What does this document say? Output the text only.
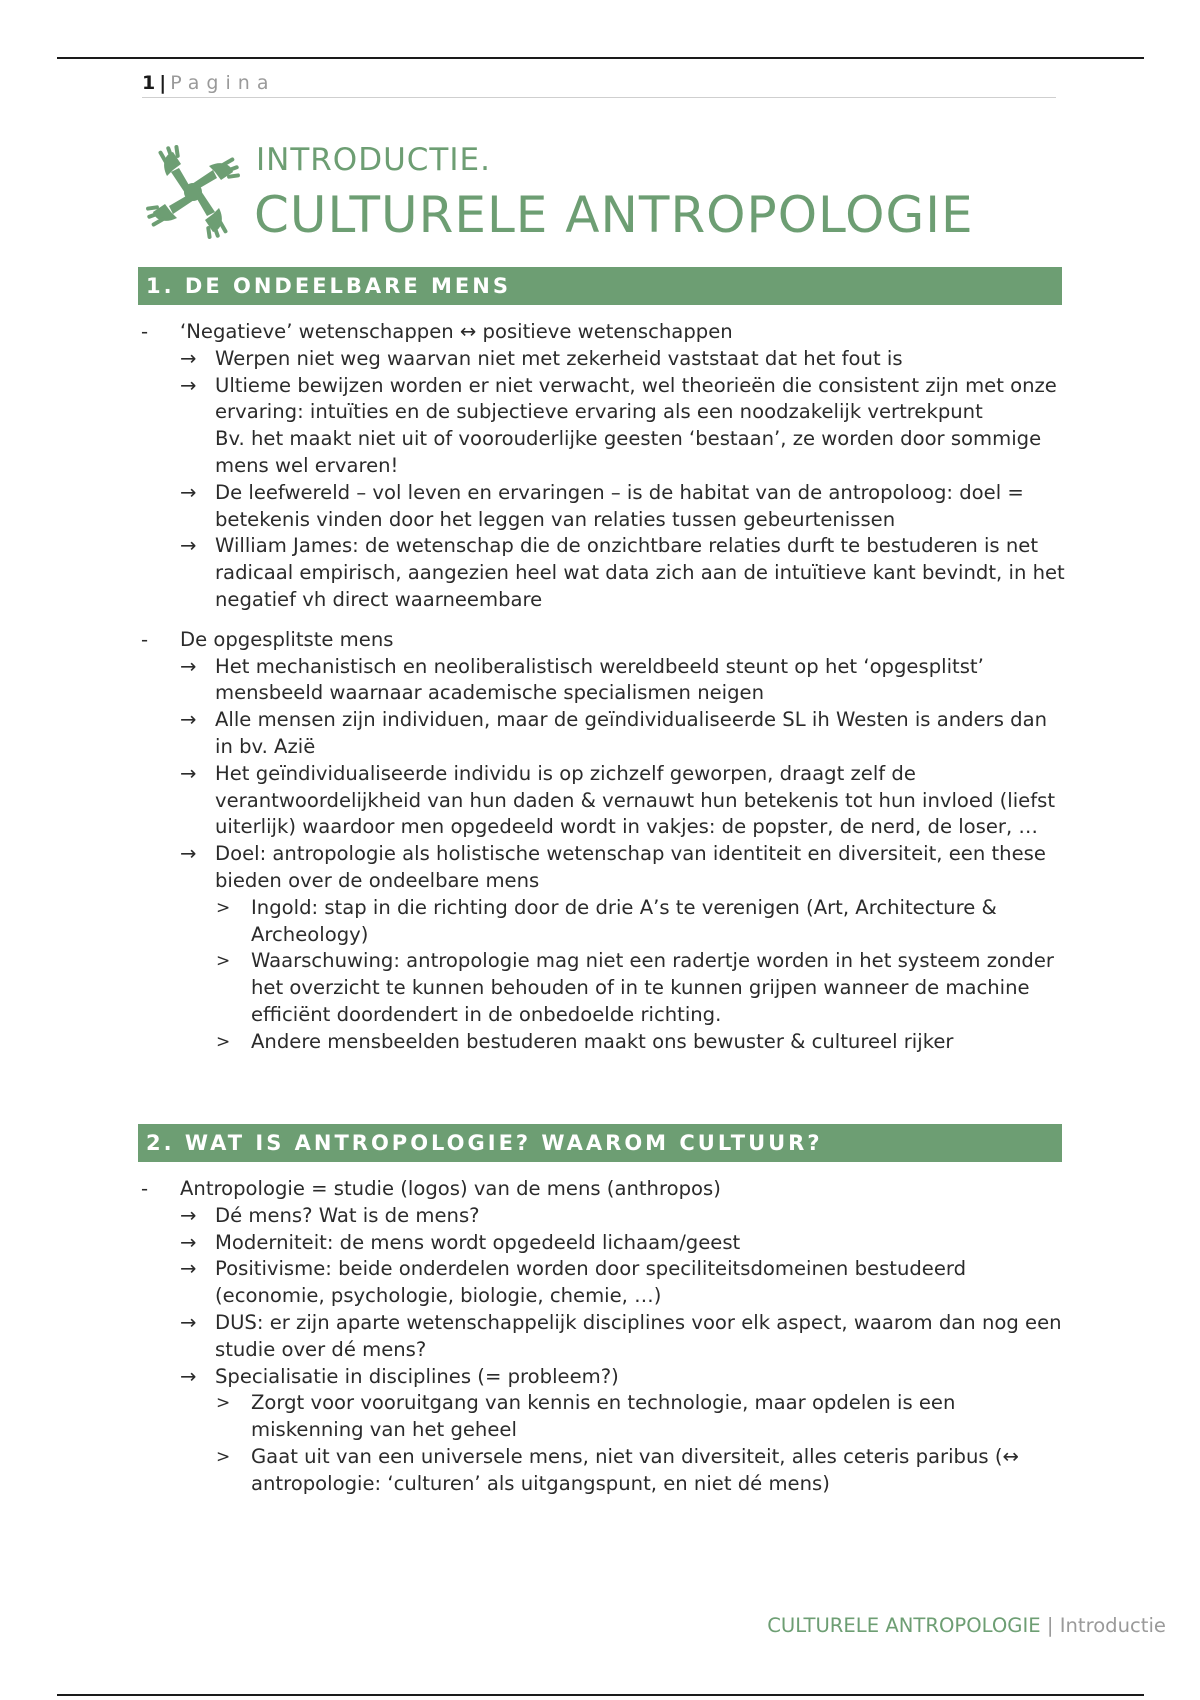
1 | Pagina
INTRODUCTIE.
CULTURELE ANTROPOLOGIE
1. DE ONDEELBARE MENS
- ‘Negatieve’ wetenschappen ↔ positieve wetenschappen
→ Werpen niet weg waarvan niet met zekerheid vaststaat dat het fout is
→ Ultieme bewijzen worden er niet verwacht, wel theorieën die consistent zijn met onze ervaring: intuïties en de subjectieve ervaring als een noodzakelijk vertrekpunt
Bv. het maakt niet uit of voorouderlijke geesten ‘bestaan’, ze worden door sommige mens wel ervaren!
→ De leefwereld – vol leven en ervaringen – is de habitat van de antropoloog: doel = betekenis vinden door het leggen van relaties tussen gebeurtenissen
→ William James: de wetenschap die de onzichtbare relaties durft te bestuderen is net radicaal empirisch, aangezien heel wat data zich aan de intuïtieve kant bevindt, in het negatief vh direct waarneembare
- De opgesplitste mens
→ Het mechanistisch en neoliberalistisch wereldbeeld steunt op het ‘opgesplitst’ mensbeeld waarnaar academische specialismen neigen
→ Alle mensen zijn individuen, maar de geïndividualiseerde SL ih Westen is anders dan in bv. Azië
→ Het geïndividualiseerde individu is op zichzelf geworpen, draagt zelf de verantwoordelijkheid van hun daden & vernauwt hun betekenis tot hun invloed (liefst uiterlijk) waardoor men opgedeeld wordt in vakjes: de popster, de nerd, de loser, …
→ Doel: antropologie als holistische wetenschap van identiteit en diversiteit, een these bieden over de ondeelbare mens
> Ingold: stap in die richting door de drie A’s te verenigen (Art, Architecture & Archeology)
> Waarschuwing: antropologie mag niet een radertje worden in het systeem zonder het overzicht te kunnen behouden of in te kunnen grijpen wanneer de machine efficiënt doordendert in de onbedoelde richting.
> Andere mensbeelden bestuderen maakt ons bewuster & cultureel rijker
2. WAT IS ANTROPOLOGIE? WAAROM CULTUUR?
- Antropologie = studie (logos) van de mens (anthropos)
→ Dé mens? Wat is de mens?
→ Moderniteit: de mens wordt opgedeeld lichaam/geest
→ Positivisme: beide onderdelen worden door speciliteitsdomeinen bestudeerd (economie, psychologie, biologie, chemie, …)
→ DUS: er zijn aparte wetenschappelijk disciplines voor elk aspect, waarom dan nog een studie over dé mens?
→ Specialisatie in disciplines (= probleem?)
> Zorgt voor vooruitgang van kennis en technologie, maar opdelen is een miskenning van het geheel
> Gaat uit van een universele mens, niet van diversiteit, alles ceteris paribus (↔ antropologie: ‘culturen’ als uitgangspunt, en niet dé mens)
CULTURELE ANTROPOLOGIE | Introductie
